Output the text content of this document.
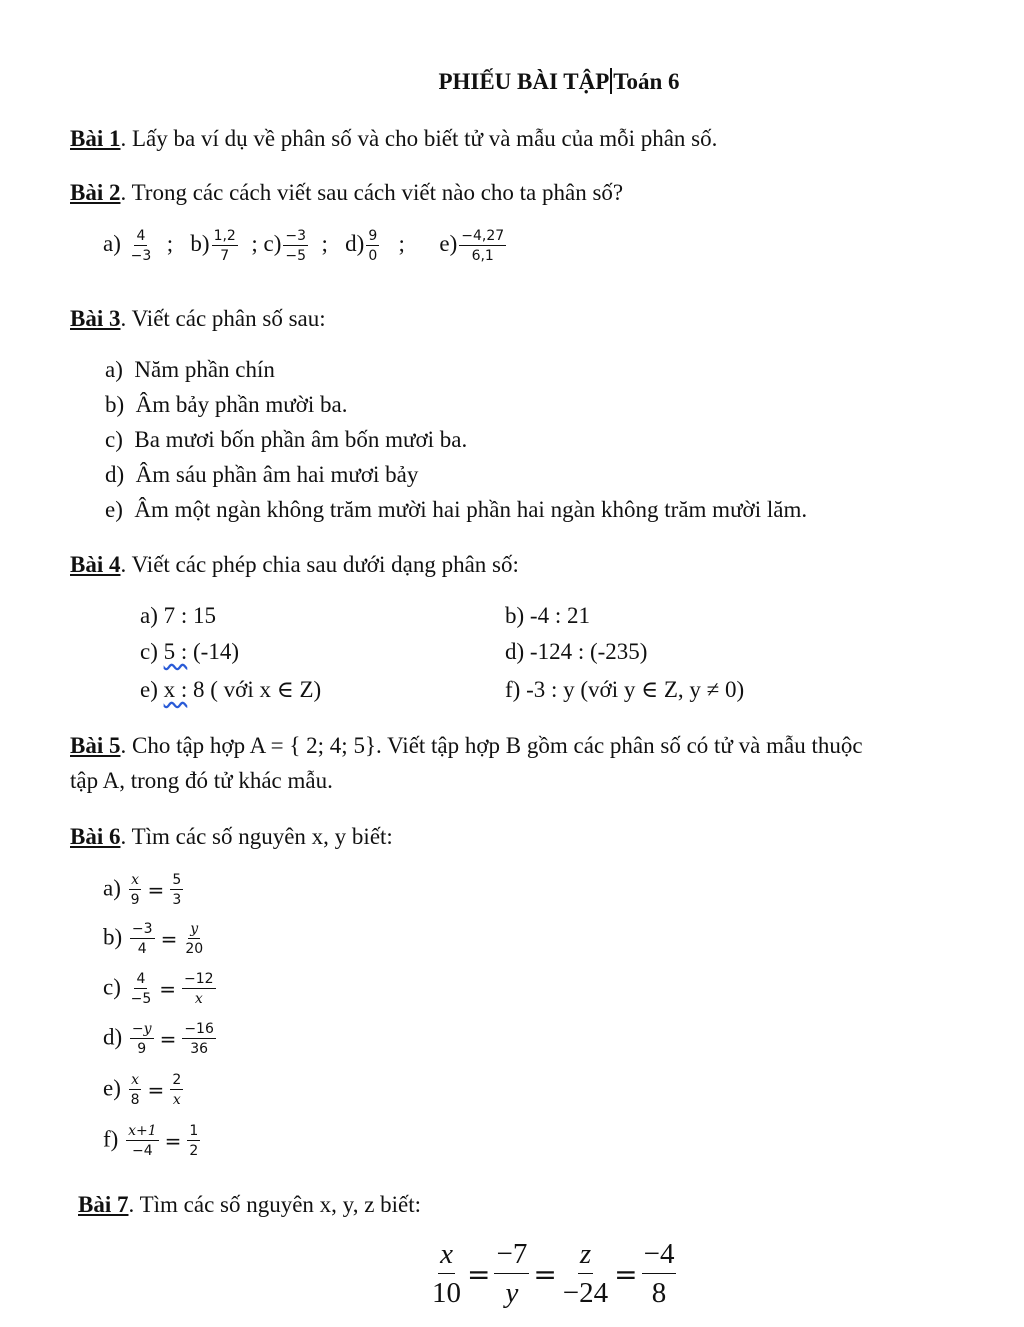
PHIẾU BÀI TẬP Toán 6
Bài 1. Lấy ba ví dụ về phân số và cho biết tử và mẫu của mỗi phân số.
Bài 2. Trong các cách viết sau cách viết nào cho ta phân số?
$a) \frac{4}{-3}$ ; $b) \frac{1,2}{7}$ ; $c) \frac{-3}{-5}$ ; $d) \frac{9}{0}$ ; $e) \frac{-4,27}{6,1}$
Bài 3. Viết các phân số sau:
a) Năm phần chín
b) Âm bảy phần mười ba.
c) Ba mươi bốn phần âm bốn mươi ba.
d) Âm sáu phần âm hai mươi bảy
e) Âm một ngàn không trăm mười hai phần hai ngàn không trăm mười lăm.
Bài 4. Viết các phép chia sau dưới dạng phân số:
a) 7 : 15	b) -4 : 21
c) 5 : (-14)	d) -124 : (-235)
e) x : 8 ( với x ∈ Z)	f) -3 : y (với y ∈ Z, y ≠ 0)
Bài 5. Cho tập hợp A = { 2; 4; 5}. Viết tập hợp B gồm các phân số có tử và mẫu thuộc
tập A, trong đó tử khác mẫu.
Bài 6. Tìm các số nguyên x, y biết:
$a) \frac{x}{9} = \frac{5}{3}$
$b) \frac{-3}{4} = \frac{y}{20}$
$c) \frac{4}{-5} = \frac{-12}{x}$
$d) \frac{-y}{9} = \frac{-16}{36}$
$e) \frac{x}{8} = \frac{2}{x}$
$f) \frac{x+1}{-4} = \frac{1}{2}$
Bài 7. Tìm các số nguyên x, y, z biết:
$\frac{x}{10} = \frac{-7}{y} = \frac{z}{-24} = \frac{-4}{8}$
